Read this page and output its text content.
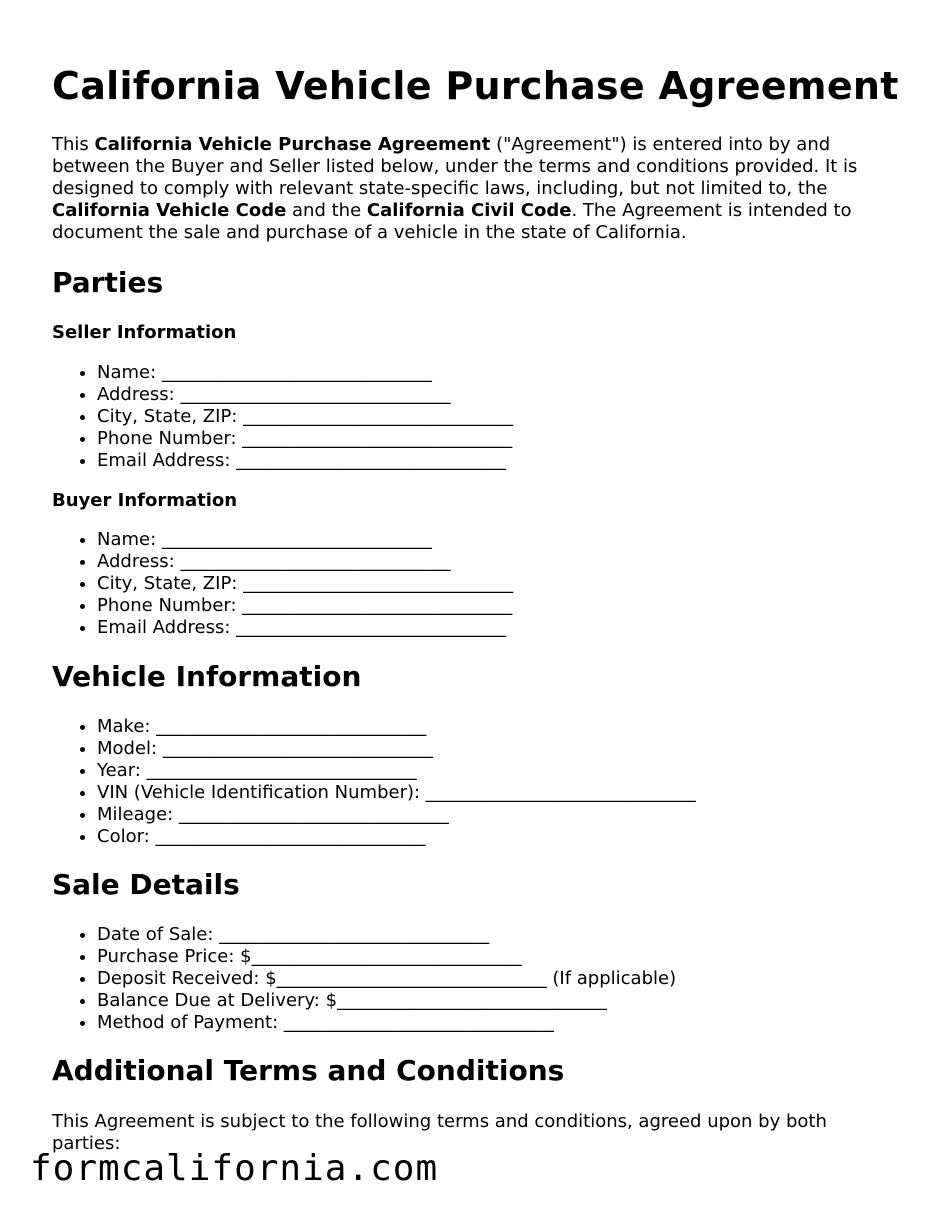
California Vehicle Purchase Agreement

This California Vehicle Purchase Agreement ("Agreement") is entered into by and between the Buyer and Seller listed below, under the terms and conditions provided. It is designed to comply with relevant state-specific laws, including, but not limited to, the California Vehicle Code and the California Civil Code. The Agreement is intended to document the sale and purchase of a vehicle in the state of California.

Parties
Seller Information
• Name: ______________________________
• Address: ______________________________
• City, State, ZIP: ______________________________
• Phone Number: ______________________________
• Email Address: ______________________________
Buyer Information
• Name: ______________________________
• Address: ______________________________
• City, State, ZIP: ______________________________
• Phone Number: ______________________________
• Email Address: ______________________________
Vehicle Information
• Make: ______________________________
• Model: ______________________________
• Year: ______________________________
• VIN (Vehicle Identification Number): ______________________________
• Mileage: ______________________________
• Color: ______________________________
Sale Details
• Date of Sale: ______________________________
• Purchase Price: $______________________________
• Deposit Received: $______________________________ (If applicable)
• Balance Due at Delivery: $______________________________
• Method of Payment: ______________________________
Additional Terms and Conditions

This Agreement is subject to the following terms and conditions, agreed upon by both parties:

formcalifornia.com
